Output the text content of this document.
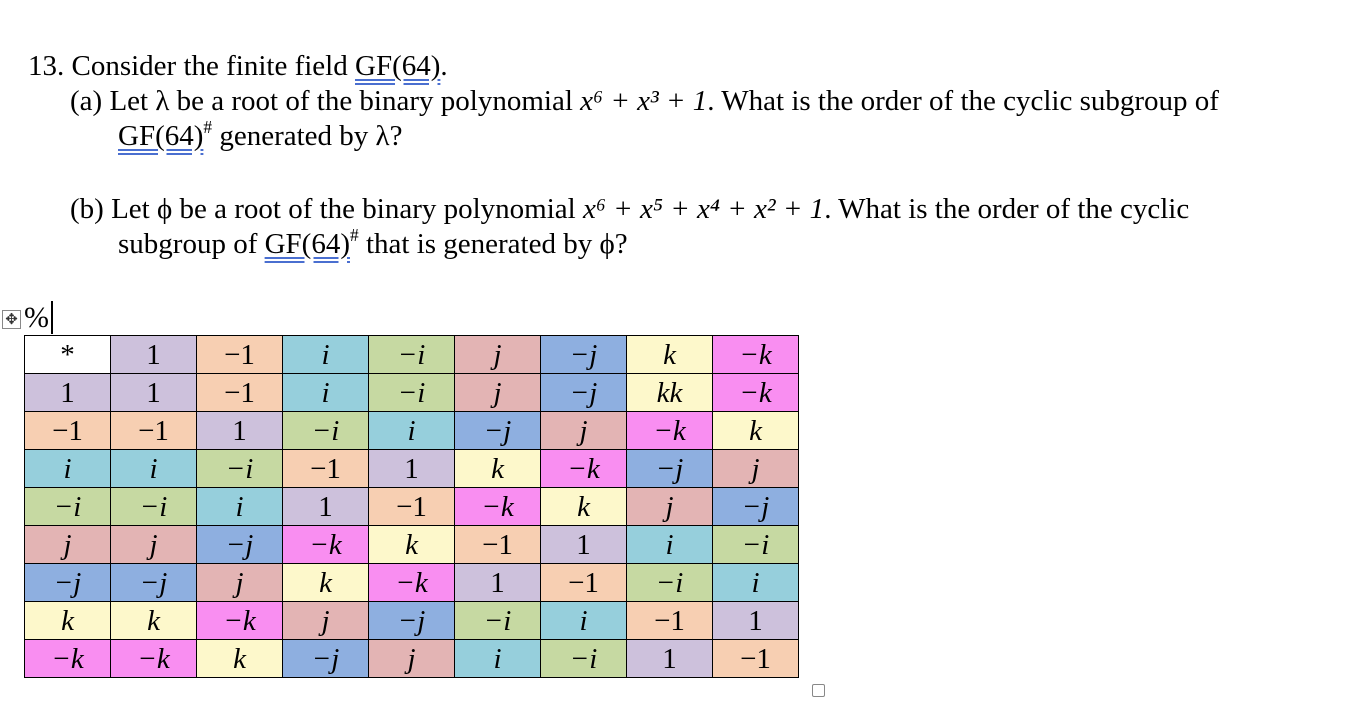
13. Consider the finite field GF(64).
(a) Let λ be a root of the binary polynomial x⁶ + x³ + 1. What is the order of the cyclic subgroup of
GF(64)# generated by λ?
(b) Let ϕ be a root of the binary polynomial x⁶ + x⁵ + x⁴ + x² + 1. What is the order of the cyclic
subgroup of GF(64)# that is generated by ϕ?
✥ %
*	1	−1	i	−i	j	−j	k	−k
1	1	−1	i	−i	j	−j	kk	−k
−1	−1	1	−i	i	−j	j	−k	k
i	i	−i	−1	1	k	−k	−j	j
−i	−i	i	1	−1	−k	k	j	−j
j	j	−j	−k	k	−1	1	i	−i
−j	−j	j	k	−k	1	−1	−i	i
k	k	−k	j	−j	−i	i	−1	1
−k	−k	k	−j	j	i	−i	1	−1
